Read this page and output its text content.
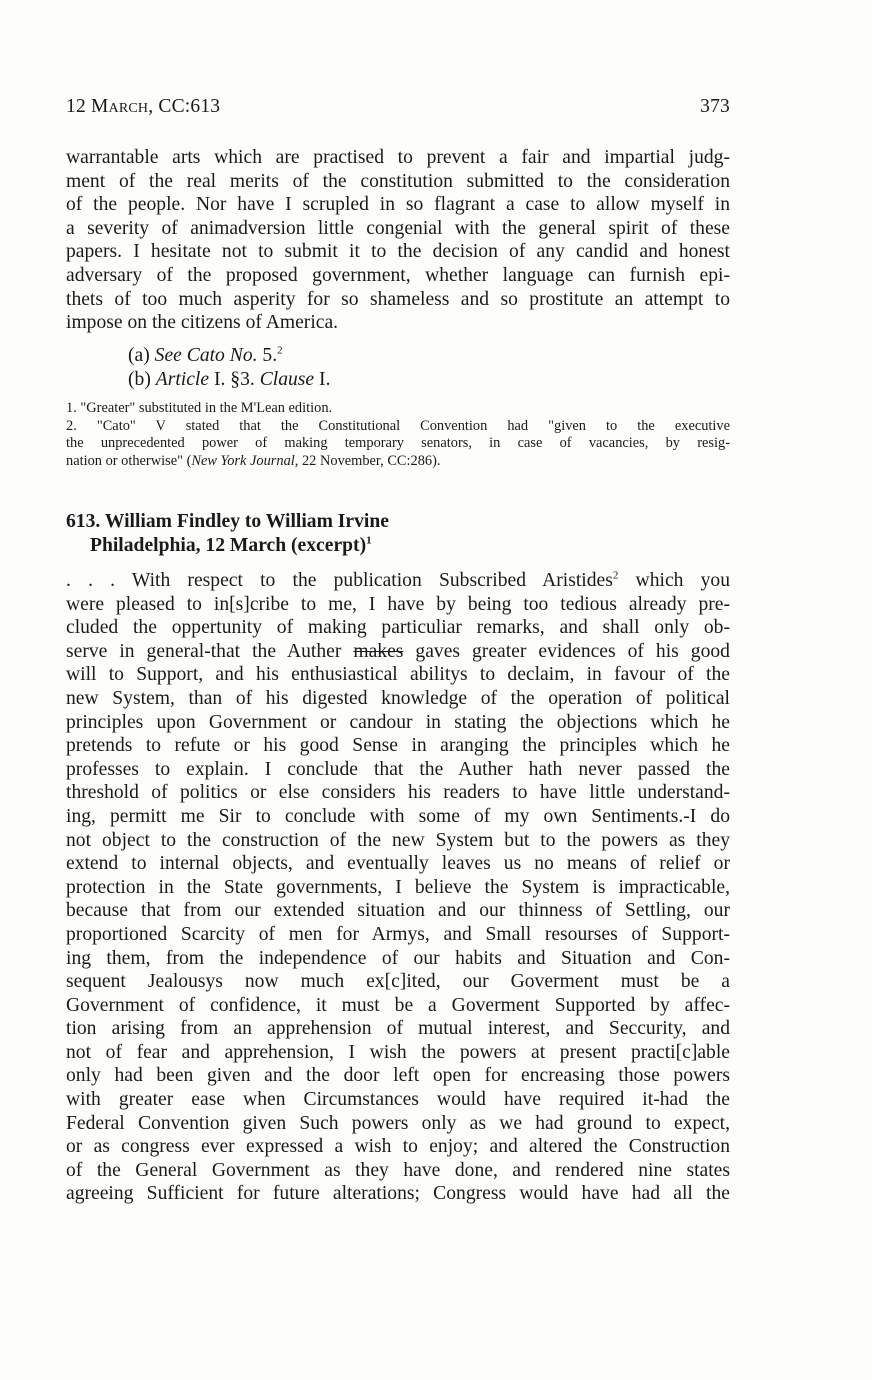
12 March, CC:613	373
warrantable arts which are practised to prevent a fair and impartial judg-
ment of the real merits of the constitution submitted to the consideration
of the people. Nor have I scrupled in so flagrant a case to allow myself in
a severity of animadversion little congenial with the general spirit of these
papers. I hesitate not to submit it to the decision of any candid and honest
adversary of the proposed government, whether language can furnish epi-
thets of too much asperity for so shameless and so prostitute an attempt to
impose on the citizens of America.
(a) See Cato No. 5.$^2$
(b) Article I. §3. Clause I.
1. "Greater" substituted in the M'Lean edition.
2. "Cato" V stated that the Constitutional Convention had "given to the executive
the unprecedented power of making temporary senators, in case of vacancies, by resig-
nation or otherwise" (New York Journal, 22 November, CC:286).
613. William Findley to William Irvine
Philadelphia, 12 March (excerpt)$^1$
. . . With respect to the publication Subscribed Aristides$^2$ which you
were pleased to in[s]cribe to me, I have by being too tedious already pre-
cluded the oppertunity of making particuliar remarks, and shall only ob-
serve in general-that the Auther makes gaves greater evidences of his good
will to Support, and his enthusiastical abilitys to declaim, in favour of the
new System, than of his digested knowledge of the operation of political
principles upon Government or candour in stating the objections which he
pretends to refute or his good Sense in aranging the principles which he
professes to explain. I conclude that the Auther hath never passed the
threshold of politics or else considers his readers to have little understand-
ing, permitt me Sir to conclude with some of my own Sentiments.-I do
not object to the construction of the new System but to the powers as they
extend to internal objects, and eventually leaves us no means of relief or
protection in the State governments, I believe the System is impracticable,
because that from our extended situation and our thinness of Settling, our
proportioned Scarcity of men for Armys, and Small resourses of Support-
ing them, from the independence of our habits and Situation and Con-
sequent Jealousys now much ex[c]ited, our Goverment must be a
Government of confidence, it must be a Goverment Supported by affec-
tion arising from an apprehension of mutual interest, and Seccurity, and
not of fear and apprehension, I wish the powers at present practi[c]able
only had been given and the door left open for encreasing those powers
with greater ease when Circumstances would have required it-had the
Federal Convention given Such powers only as we had ground to expect,
or as congress ever expressed a wish to enjoy; and altered the Construction
of the General Government as they have done, and rendered nine states
agreeing Sufficient for future alterations; Congress would have had all the
